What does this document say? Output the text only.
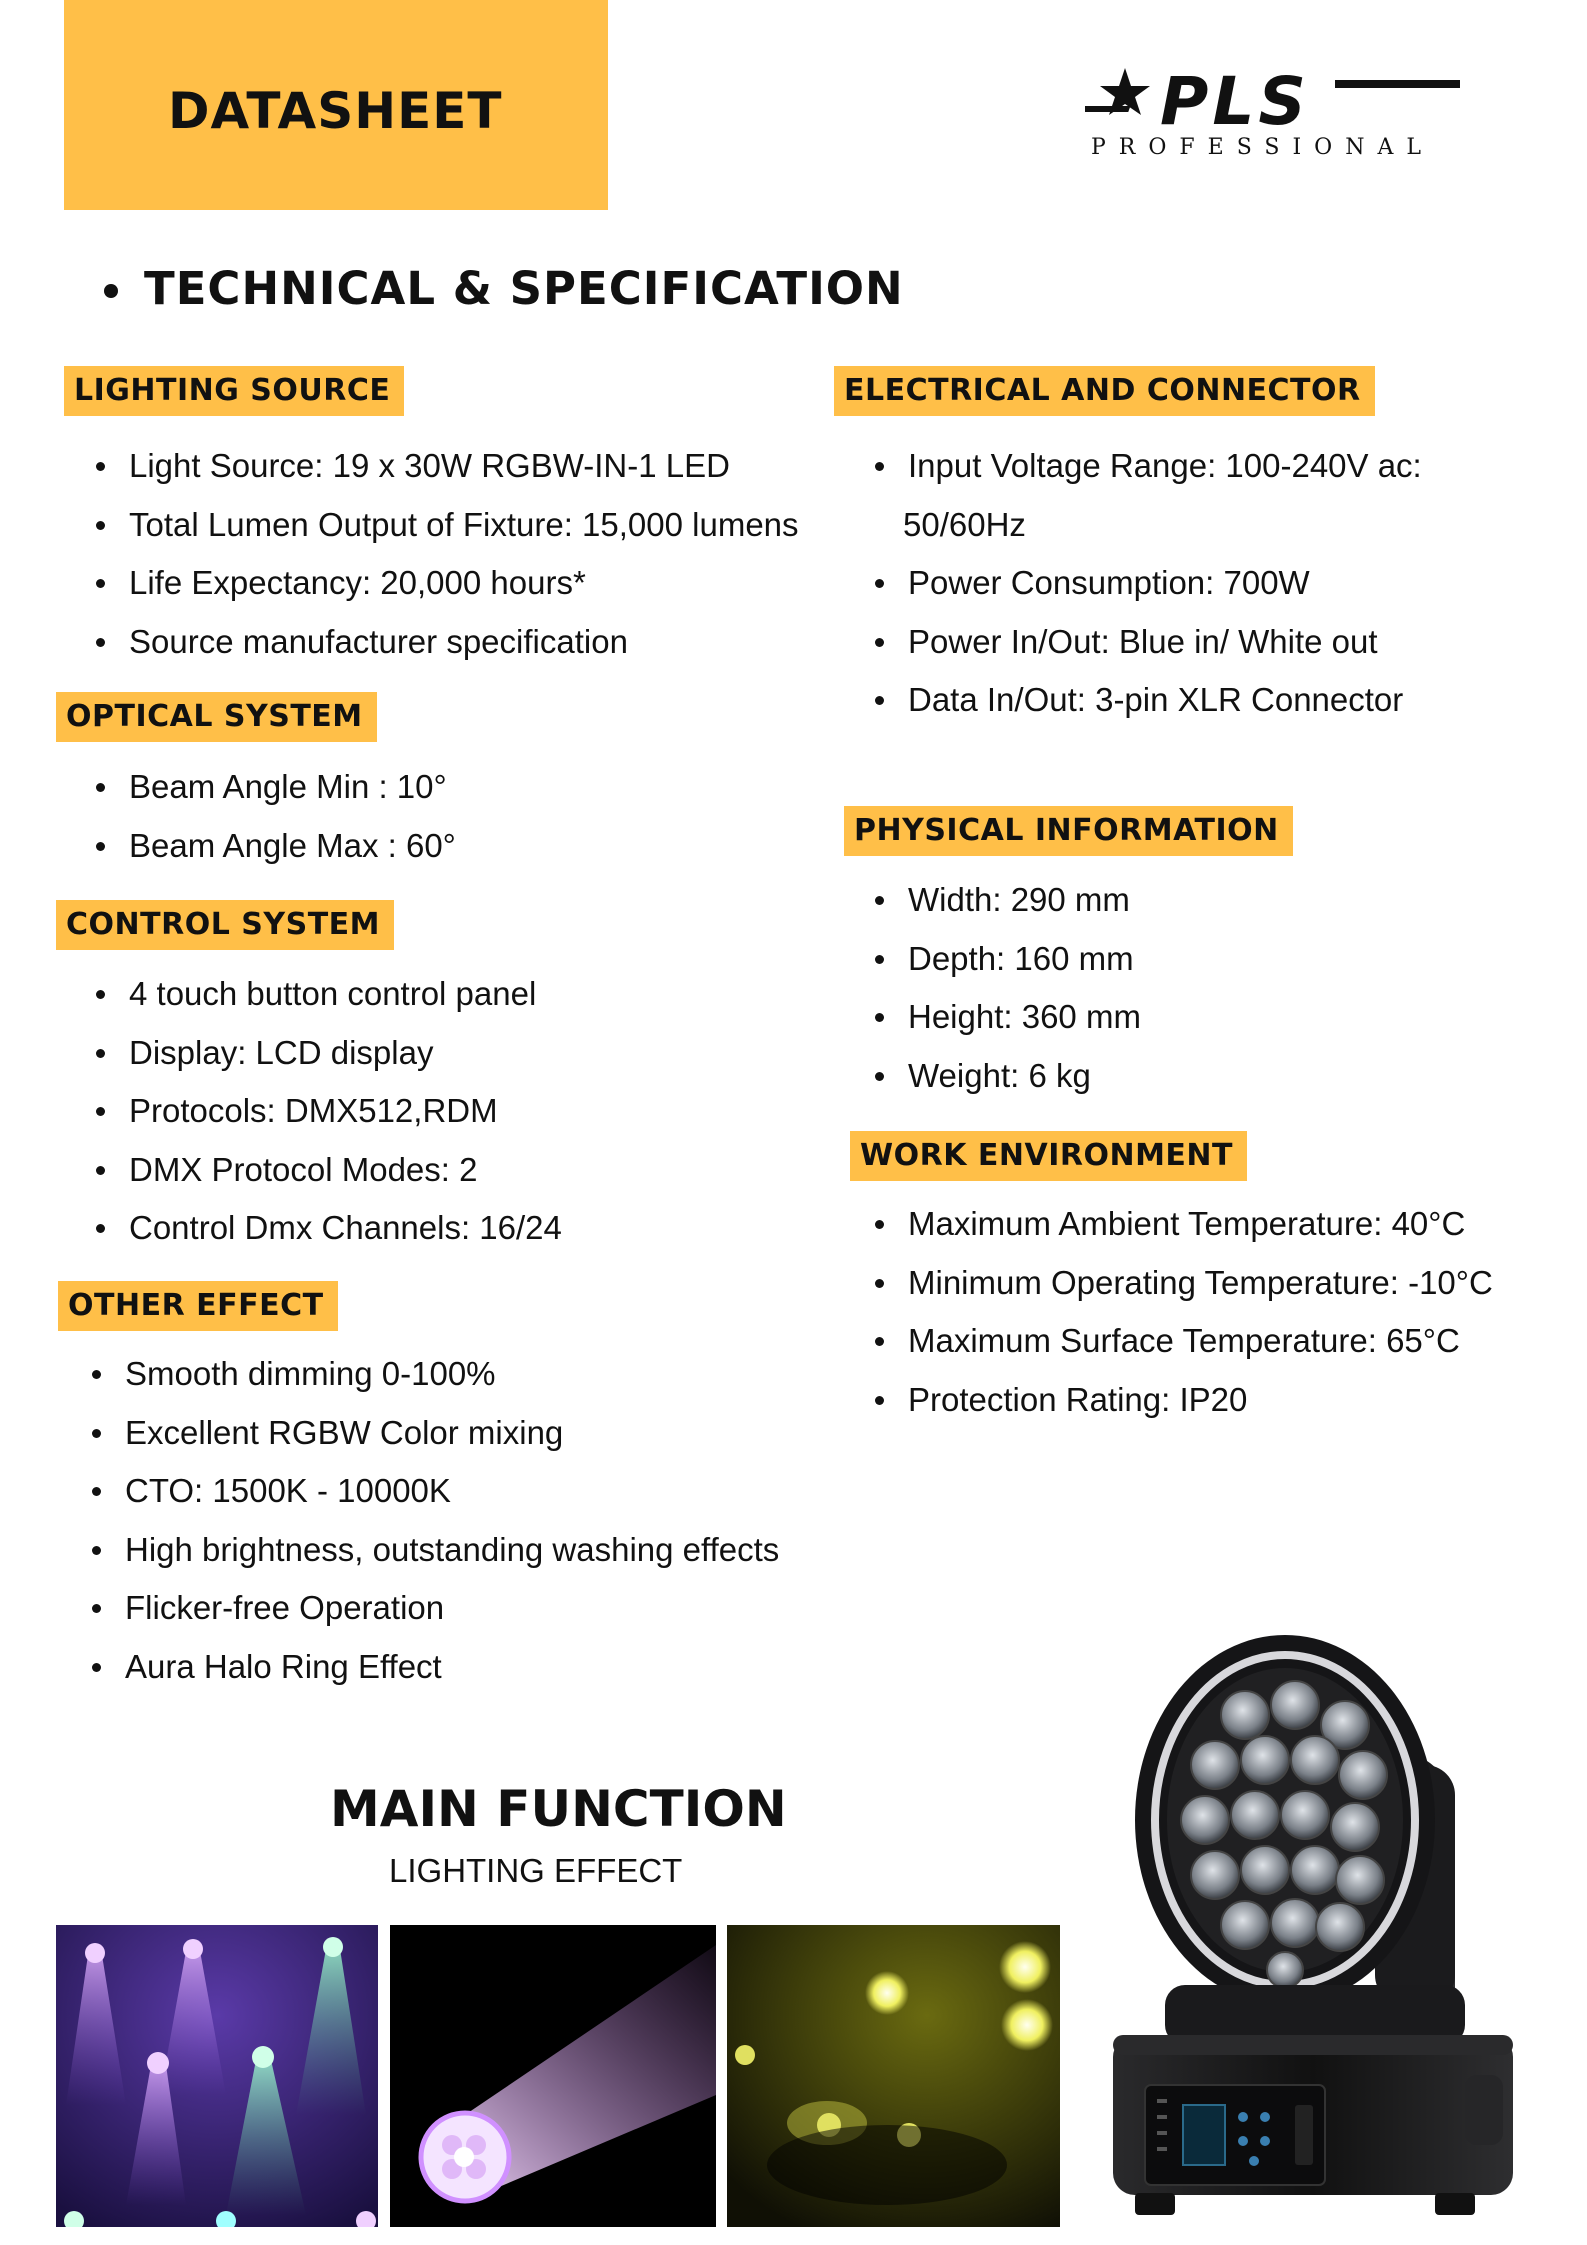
DATASHEET	PLS
PROFESSIONAL
TECHNICAL & SPECIFICATION
LIGHTING SOURCE
Light Source: 19 x 30W RGBW-IN-1 LED
Total Lumen Output of Fixture: 15,000 lumens
Life Expectancy: 20,000 hours*
Source manufacturer specification
OPTICAL SYSTEM
Beam Angle Min : 10°
Beam Angle Max : 60°
CONTROL SYSTEM
4 touch button control panel
Display: LCD display
Protocols: DMX512,RDM
DMX Protocol Modes: 2
Control Dmx Channels: 16/24
OTHER EFFECT
Smooth dimming 0-100%
Excellent RGBW Color mixing
CTO: 1500K - 10000K
High brightness, outstanding washing effects
Flicker-free Operation
Aura Halo Ring Effect
ELECTRICAL AND CONNECTOR
Input Voltage Range: 100-240V ac:
50/60Hz
Power Consumption: 700W
Power In/Out: Blue in/ White out
Data In/Out: 3-pin XLR Connector
PHYSICAL INFORMATION
Width: 290 mm
Depth: 160 mm
Height: 360 mm
Weight: 6 kg
WORK ENVIRONMENT
Maximum Ambient Temperature: 40°C
Minimum Operating Temperature: -10°C
Maximum Surface Temperature: 65°C
Protection Rating: IP20
MAIN FUNCTION
LIGHTING EFFECT
